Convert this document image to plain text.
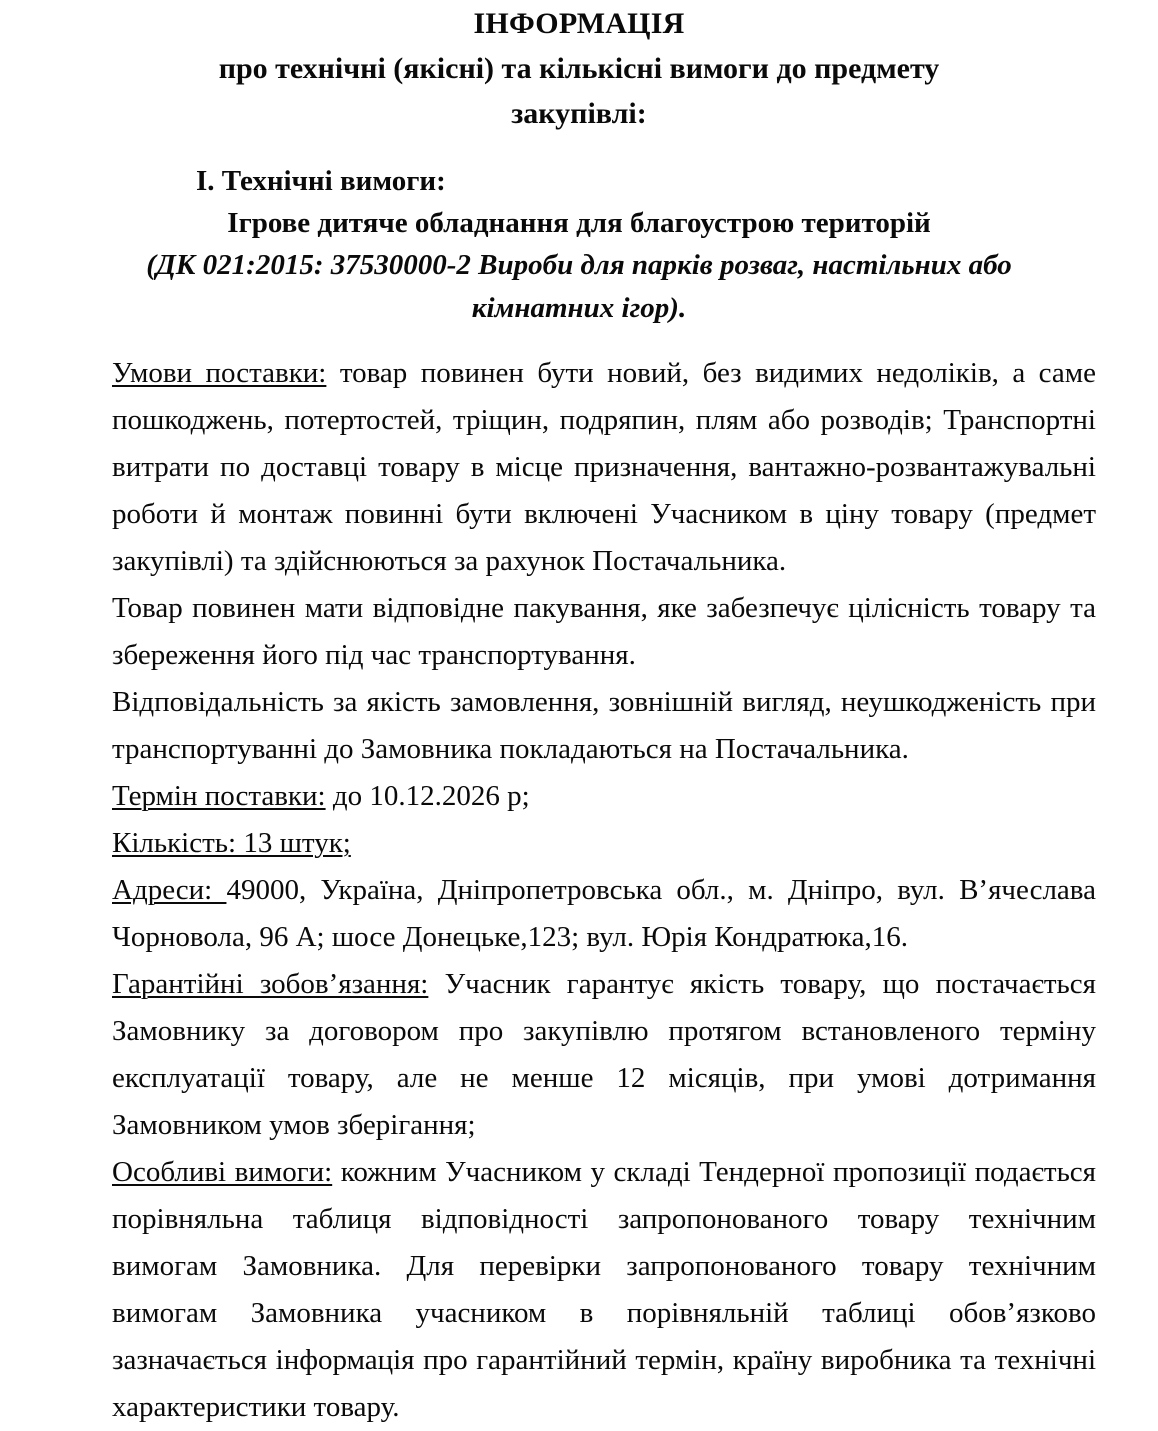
ІНФОРМАЦІЯ
про технічні (якісні) та кількісні вимоги до предмету закупівлі:
І. Технічні вимоги:
Ігрове дитяче обладнання для благоустрою територій
(ДК 021:2015: 37530000-2 Вироби для парків розваг, настільних або кімнатних ігор).

Умови поставки: товар повинен бути новий, без видимих недоліків, а саме пошкоджень, потертостей, тріщин, подряпин, плям або розводів; Транспортні витрати по доставці товару в місце призначення, вантажно-розвантажувальні роботи й монтаж повинні бути включені Учасником в ціну товару (предмет закупівлі) та здійснюються за рахунок Постачальника.

Товар повинен мати відповідне пакування, яке забезпечує цілісність товару та збереження його під час транспортування.

Відповідальність за якість замовлення, зовнішній вигляд, неушкодженість при транспортуванні до Замовника покладаються на Постачальника.

Термін поставки: до 10.12.2026 р;

Кількість: 13 штук;

Адреси: 49000, Україна, Дніпропетровська обл., м. Дніпро, вул. В’ячеслава Чорновола, 96 А; шосе Донецьке,123; вул. Юрія Кондратюка,16.

Гарантійні зобов’язання: Учасник гарантує якість товару, що постачається Замовнику за договором про закупівлю протягом встановленого терміну експлуатації товару, але не менше 12 місяців, при умові дотримання Замовником умов зберігання;

Особливі вимоги: кожним Учасником у складі Тендерної пропозиції подається порівняльна таблиця відповідності запропонованого товару технічним вимогам Замовника. Для перевірки запропонованого товару технічним вимогам Замовника учасником в порівняльній таблиці обов’язково зазначається інформація про гарантійний термін, країну виробника та технічні характеристики товару.
